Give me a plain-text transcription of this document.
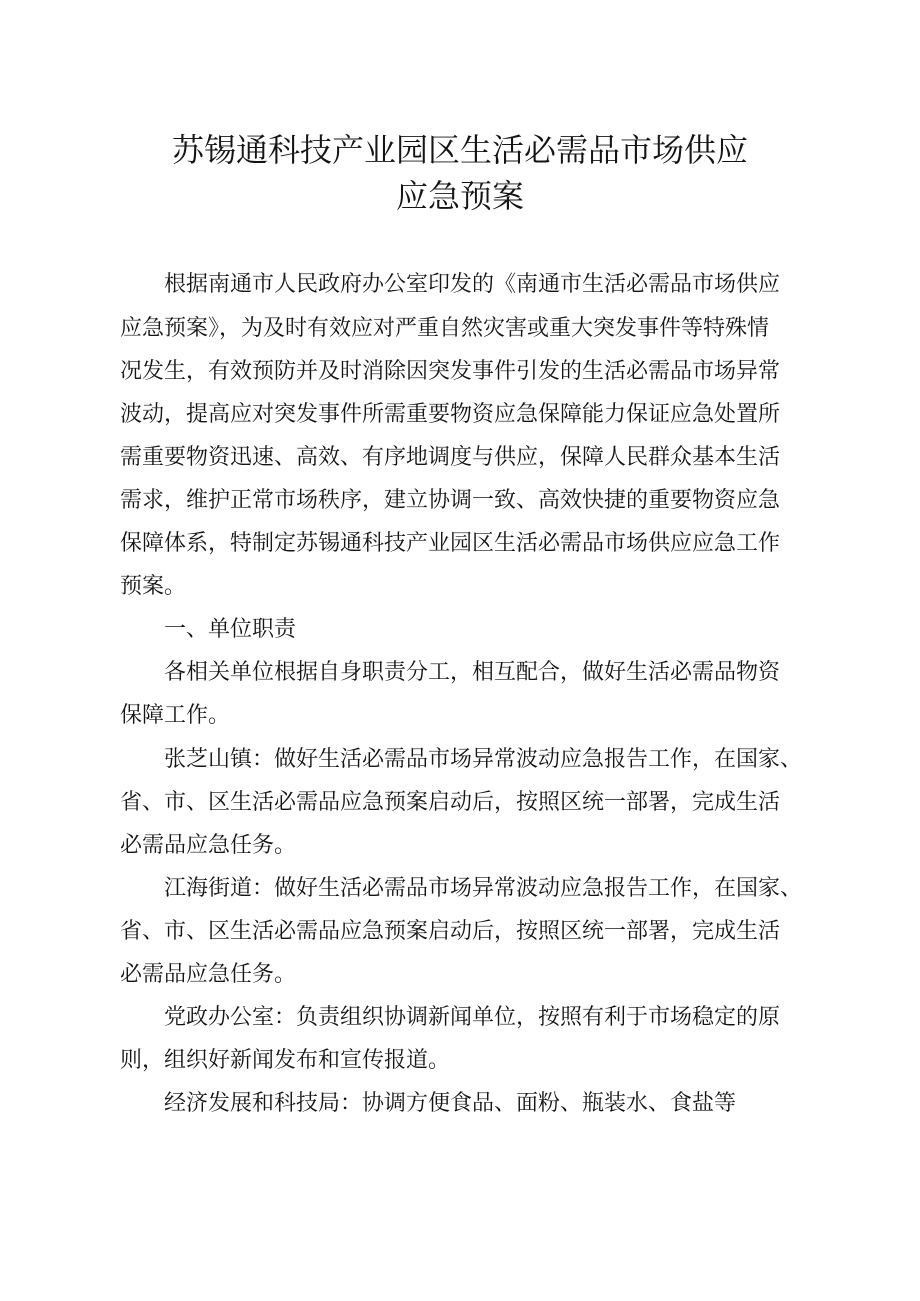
苏锡通科技产业园区生活必需品市场供应
应急预案
　　根据南通市人民政府办公室印发的《南通市生活必需品市场供应
应急预案》，为及时有效应对严重自然灾害或重大突发事件等特殊情
况发生，有效预防并及时消除因突发事件引发的生活必需品市场异常
波动，提高应对突发事件所需重要物资应急保障能力保证应急处置所
需重要物资迅速、高效、有序地调度与供应，保障人民群众基本生活
需求，维护正常市场秩序，建立协调一致、高效快捷的重要物资应急
保障体系，特制定苏锡通科技产业园区生活必需品市场供应应急工作
预案。
　　一、单位职责
　　各相关单位根据自身职责分工，相互配合，做好生活必需品物资
保障工作。
　　张芝山镇：做好生活必需品市场异常波动应急报告工作，在国家、
省、市、区生活必需品应急预案启动后，按照区统一部署，完成生活
必需品应急任务。
　　江海街道：做好生活必需品市场异常波动应急报告工作，在国家、
省、市、区生活必需品应急预案启动后，按照区统一部署，完成生活
必需品应急任务。
　　党政办公室：负责组织协调新闻单位，按照有利于市场稳定的原
则，组织好新闻发布和宣传报道。
　　经济发展和科技局：协调方便食品、面粉、瓶装水、食盐等
